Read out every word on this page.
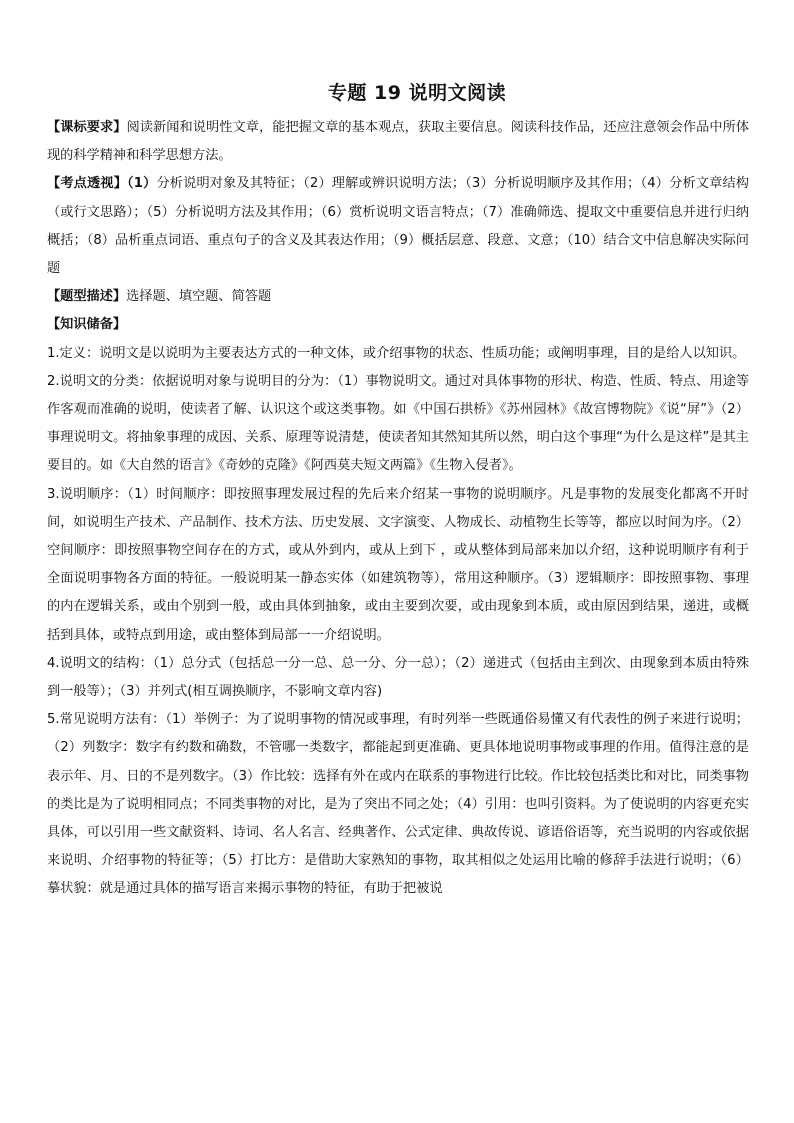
专题 19 说明文阅读

【课标要求】阅读新闻和说明性文章，能把握文章的基本观点，获取主要信息。阅读科技作品，还应注意领会作品中所体现的科学精神和科学思想方法。

【考点透视】（1）分析说明对象及其特征；（2）理解或辨识说明方法；（3）分析说明顺序及其作用；（4）分析文章结构（或行文思路）；（5）分析说明方法及其作用；（6）赏析说明文语言特点；（7）准确筛选、提取文中重要信息并进行归纳概括；（8）品析重点词语、重点句子的含义及其表达作用；（9）概括层意、段意、文意；（10）结合文中信息解决实际问题

【题型描述】选择题、填空题、简答题

【知识储备】

1.定义：说明文是以说明为主要表达方式的一种文体，或介绍事物的状态、性质功能；或阐明事理，目的是给人以知识。

2.说明文的分类：依据说明对象与说明目的分为：（1）事物说明文。通过对具体事物的形状、构造、性质、特点、用途等作客观而准确的说明，使读者了解、认识这个或这类事物。如《中国石拱桥》《苏州园林》《故宫博物院》《说“屏”》（2）事理说明文。将抽象事理的成因、关系、原理等说清楚，使读者知其然知其所以然，明白这个事理“为什么是这样”是其主要目的。如《大自然的语言》《奇妙的克隆》《阿西莫夫短文两篇》《生物入侵者》。

3.说明顺序：（1）时间顺序：即按照事理发展过程的先后来介绍某一事物的说明顺序。凡是事物的发展变化都离不开时间，如说明生产技术、产品制作、技术方法、历史发展、文字演变、人物成长、动植物生长等等，都应以时间为序。（2）空间顺序：即按照事物空间存在的方式，或从外到内，或从上到下 ，或从整体到局部来加以介绍，这种说明顺序有利于全面说明事物各方面的特征。一般说明某一静态实体（如建筑物等），常用这种顺序。（3）逻辑顺序：即按照事物、事理的内在逻辑关系，或由个别到一般，或由具体到抽象，或由主要到次要，或由现象到本质，或由原因到结果，递进，或概括到具体，或特点到用途，或由整体到局部一一介绍说明。

4.说明文的结构：（1）总分式（包括总一分一总、总一分、分一总）；（2）递进式（包括由主到次、由现象到本质由特殊到一般等）；（3）并列式(相互调换顺序，不影响文章内容)

5.常见说明方法有：（1）举例子：为了说明事物的情况或事理，有时列举一些既通俗易懂又有代表性的例子来进行说明；（2）列数字：数字有约数和确数，不管哪一类数字，都能起到更准确、更具体地说明事物或事理的作用。值得注意的是表示年、月、日的不是列数字。（3）作比较：选择有外在或内在联系的事物进行比较。作比较包括类比和对比，同类事物的类比是为了说明相同点；不同类事物的对比，是为了突出不同之处；（4）引用：也叫引资料。为了使说明的内容更充实具体，可以引用一些文献资料、诗词、名人名言、经典著作、公式定律、典故传说、谚语俗语等，充当说明的内容或依据来说明、介绍事物的特征等；（5）打比方：是借助大家熟知的事物，取其相似之处运用比喻的修辞手法进行说明；（6）摹状貌：就是通过具体的描写语言来揭示事物的特征，有助于把被说
